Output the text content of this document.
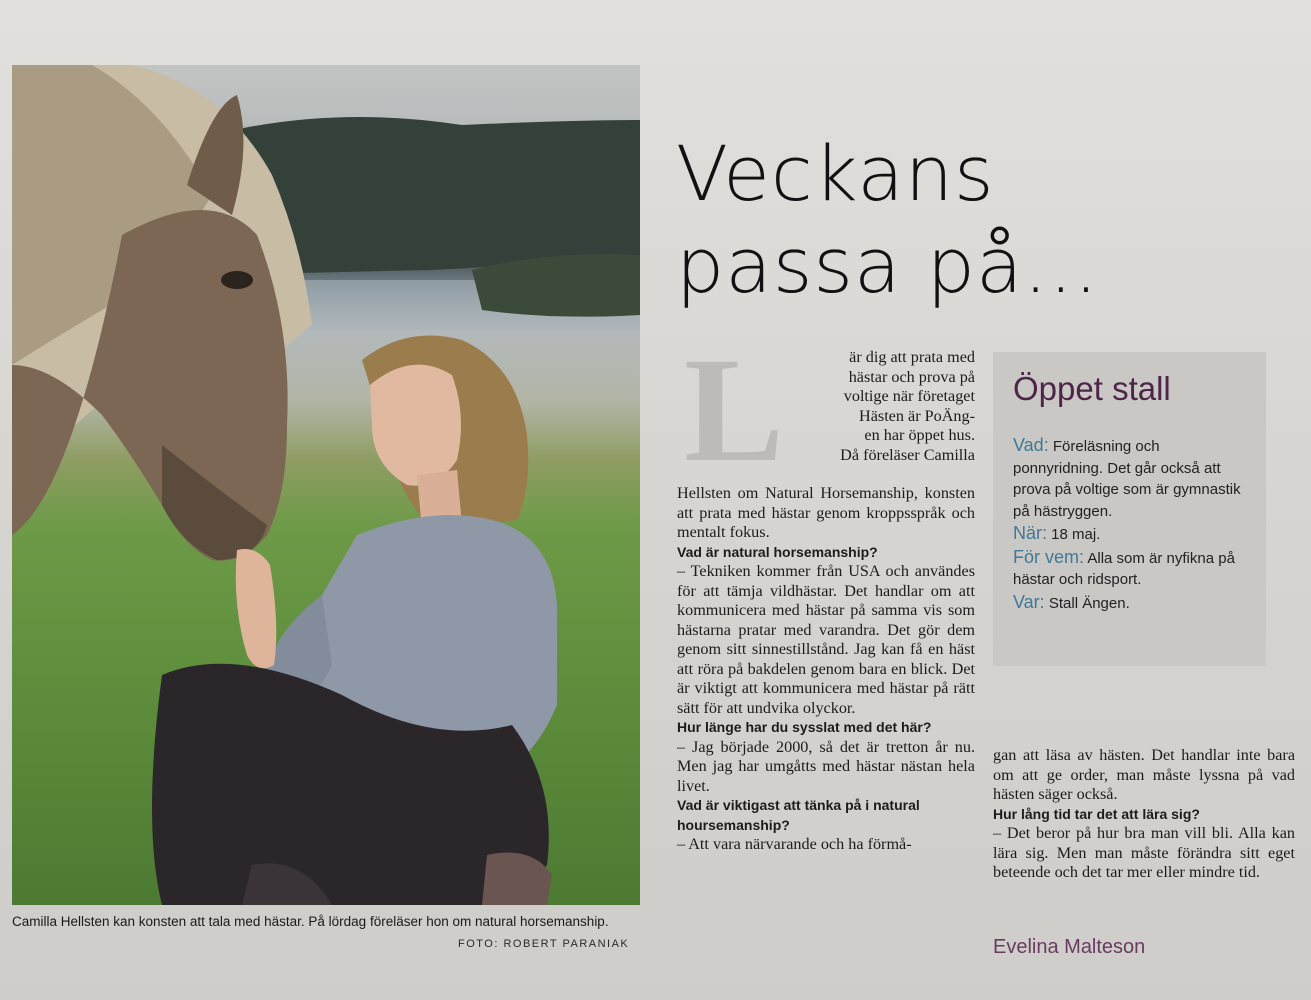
Camilla Hellsten kan konsten att tala med hästar. På lördag föreläser hon om natural horsemanship.
FOTO: ROBERT PARANIAK
Veckans
passa på...
L	är dig att prata med

hästar och prova på

voltige när företaget

Hästen är PoÄng-

en har öppet hus.

Då föreläser Camilla

Hellsten om Natural Horsemanship, konsten att prata med hästar genom kroppsspråk och mentalt fokus.

Vad är natural horsemanship?

– Tekniken kommer från USA och användes för att tämja vildhästar. Det handlar om att kommunicera med hästar på samma vis som hästarna pratar med varandra. Det gör dem genom sitt sinnestillstånd. Jag kan få en häst att röra på bakdelen genom bara en blick. Det är viktigt att kommunicera med hästar på rätt sätt för att undvika olyckor.

Hur länge har du sysslat med det här?

– Jag började 2000, så det är tretton år nu. Men jag har umgåtts med hästar nästan hela livet.

Vad är viktigast att tänka på i natural hoursemanship?

– Att vara närvarande och ha förmå-

Öppet stall

Vad: Föreläsning och ponnyridning. Det går också att prova på voltige som är gymnastik på hästryggen.

När: 18 maj.

För vem: Alla som är nyfikna på hästar och ridsport.

Var: Stall Ängen.

gan att läsa av hästen. Det handlar inte bara om att ge order, man måste lyssna på vad hästen säger också.

Hur lång tid tar det att lära sig?

– Det beror på hur bra man vill bli. Alla kan lära sig. Men man måste förändra sitt eget beteende och det tar mer eller mindre tid.

Evelina Malteson
